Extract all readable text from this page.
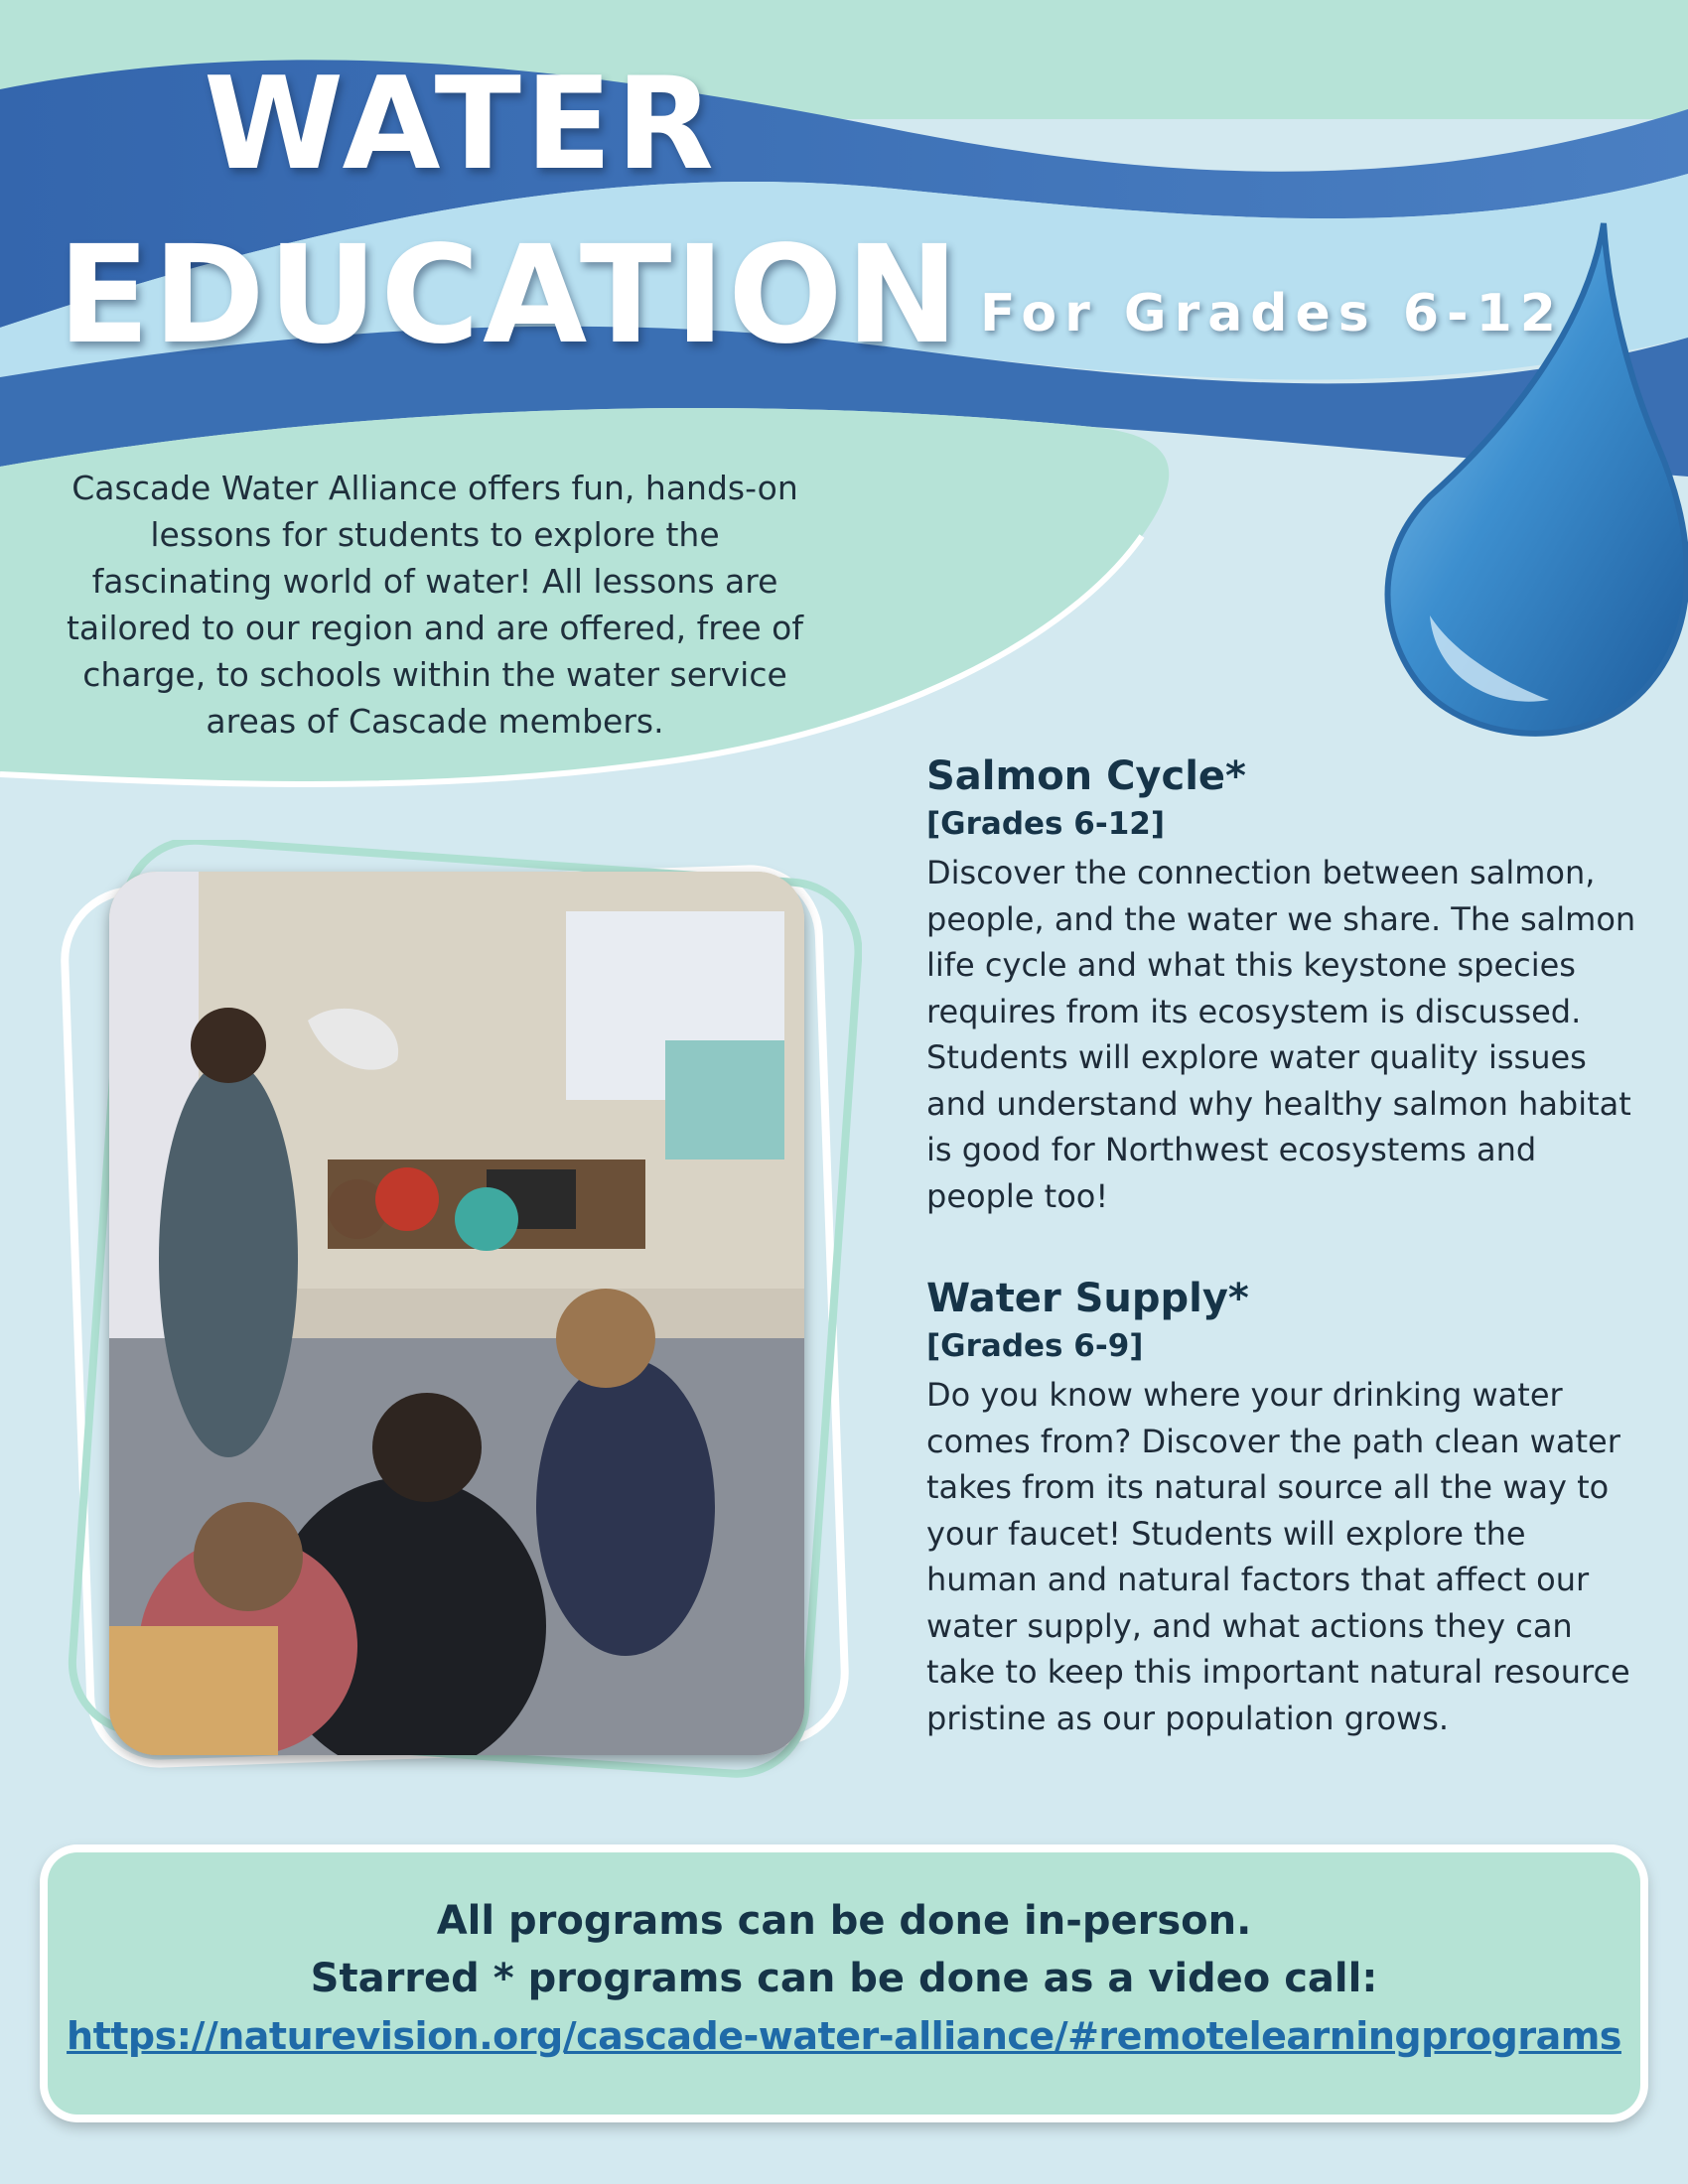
WATER
EDUCATION For Grades 6-12

Cascade Water Alliance offers fun, hands-on lessons for students to explore the fascinating world of water! All lessons are tailored to our region and are offered, free of charge, to schools within the water service areas of Cascade members.

Salmon Cycle*
[Grades 6-12]

Discover the connection between salmon, people, and the water we share. The salmon life cycle and what this keystone species requires from its ecosystem is discussed. Students will explore water quality issues and understand why healthy salmon habitat is good for Northwest ecosystems and people too!

Water Supply*
[Grades 6-9]

Do you know where your drinking water comes from? Discover the path clean water takes from its natural source all the way to your faucet! Students will explore the human and natural factors that affect our water supply, and what actions they can take to keep this important natural resource pristine as our population grows.

All programs can be done in-person.

Starred * programs can be done as a video call:

https://naturevision.org/cascade-water-alliance/#remotelearningprograms
